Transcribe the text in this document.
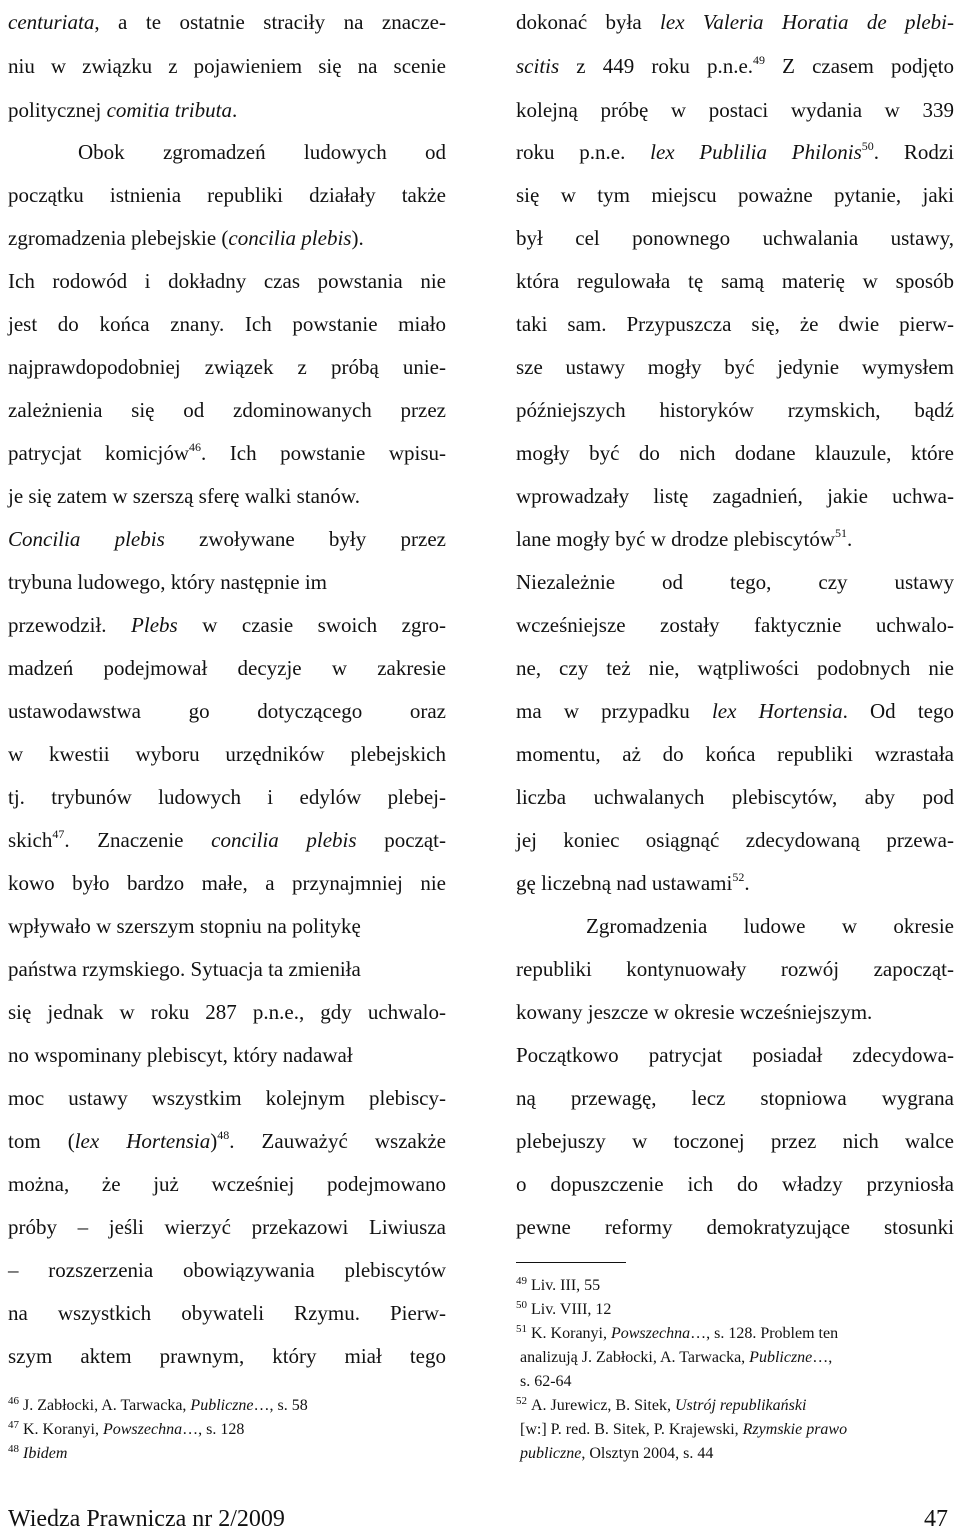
centuriata, a te ostatnie straciły na znacze-
niu w związku z pojawieniem się na scenie
politycznej comitia tributa.
Obok zgromadzeń ludowych od
początku istnienia republiki działały także
zgromadzenia plebejskie (concilia plebis).
Ich rodowód i dokładny czas powstania nie
jest do końca znany. Ich powstanie miało
najprawdopodobniej związek z próbą unie-
zależnienia się od zdominowanych przez
patrycjat komicjów$^{46}$. Ich powstanie wpisu-
je się zatem w szerszą sferę walki stanów.
Concilia plebis zwoływane były przez
trybuna ludowego, który następnie im
przewodził. Plebs w czasie swoich zgro-
madzeń podejmował decyzje w zakresie
ustawodawstwa go dotyczącego oraz
w kwestii wyboru urzędników plebejskich
tj. trybunów ludowych i edylów plebej-
skich$^{47}$. Znaczenie concilia plebis począt-
kowo było bardzo małe, a przynajmniej nie
wpływało w szerszym stopniu na politykę
państwa rzymskiego. Sytuacja ta zmieniła
się jednak w roku 287 p.n.e., gdy uchwalo-
no wspominany plebiscyt, który nadawał
moc ustawy wszystkim kolejnym plebiscy-
tom (lex Hortensia)$^{48}$. Zauważyć wszakże
można, że już wcześniej podejmowano
próby – jeśli wierzyć przekazowi Liwiusza
– rozszerzenia obowiązywania plebiscytów
na wszystkich obywateli Rzymu. Pierw-
szym aktem prawnym, który miał tego
$^{46}$ J. Zabłocki, A. Tarwacka, Publiczne…, s. 58
$^{47}$ K. Koranyi, Powszechna…, s. 128
$^{48}$ Ibidem
dokonać była lex Valeria Horatia de plebi-
scitis z 449 roku p.n.e.$^{49}$ Z czasem podjęto
kolejną próbę w postaci wydania w 339
roku p.n.e. lex Publilia Philonis$^{50}$. Rodzi
się w tym miejscu poważne pytanie, jaki
był cel ponownego uchwalania ustawy,
która regulowała tę samą materię w sposób
taki sam. Przypuszcza się, że dwie pierw-
sze ustawy mogły być jedynie wymysłem
późniejszych historyków rzymskich, bądź
mogły być do nich dodane klauzule, które
wprowadzały listę zagadnień, jakie uchwa-
lane mogły być w drodze plebiscytów$^{51}$.
Niezależnie od tego, czy ustawy
wcześniejsze zostały faktycznie uchwalo-
ne, czy też nie, wątpliwości podobnych nie
ma w przypadku lex Hortensia. Od tego
momentu, aż do końca republiki wzrastała
liczba uchwalanych plebiscytów, aby pod
jej koniec osiągnąć zdecydowaną przewa-
gę liczebną nad ustawami$^{52}$.
Zgromadzenia ludowe w okresie
republiki kontynuowały rozwój zapocząt-
kowany jeszcze w okresie wcześniejszym.
Początkowo patrycjat posiadał zdecydowa-
ną przewagę, lecz stopniowa wygrana
plebejuszy w toczonej przez nich walce
o dopuszczenie ich do władzy przyniosła
pewne reformy demokratyzujące stosunki
$^{49}$ Liv. III, 55
$^{50}$ Liv. VIII, 12
$^{51}$ K. Koranyi, Powszechna…, s. 128. Problem ten
analizują J. Zabłocki, A. Tarwacka, Publiczne…,
s. 62-64
$^{52}$ A. Jurewicz, B. Sitek, Ustrój republikański
[w:] P. red. B. Sitek, P. Krajewski, Rzymskie prawo
publiczne, Olsztyn 2004, s. 44
Wiedza Prawnicza nr 2/2009	47
